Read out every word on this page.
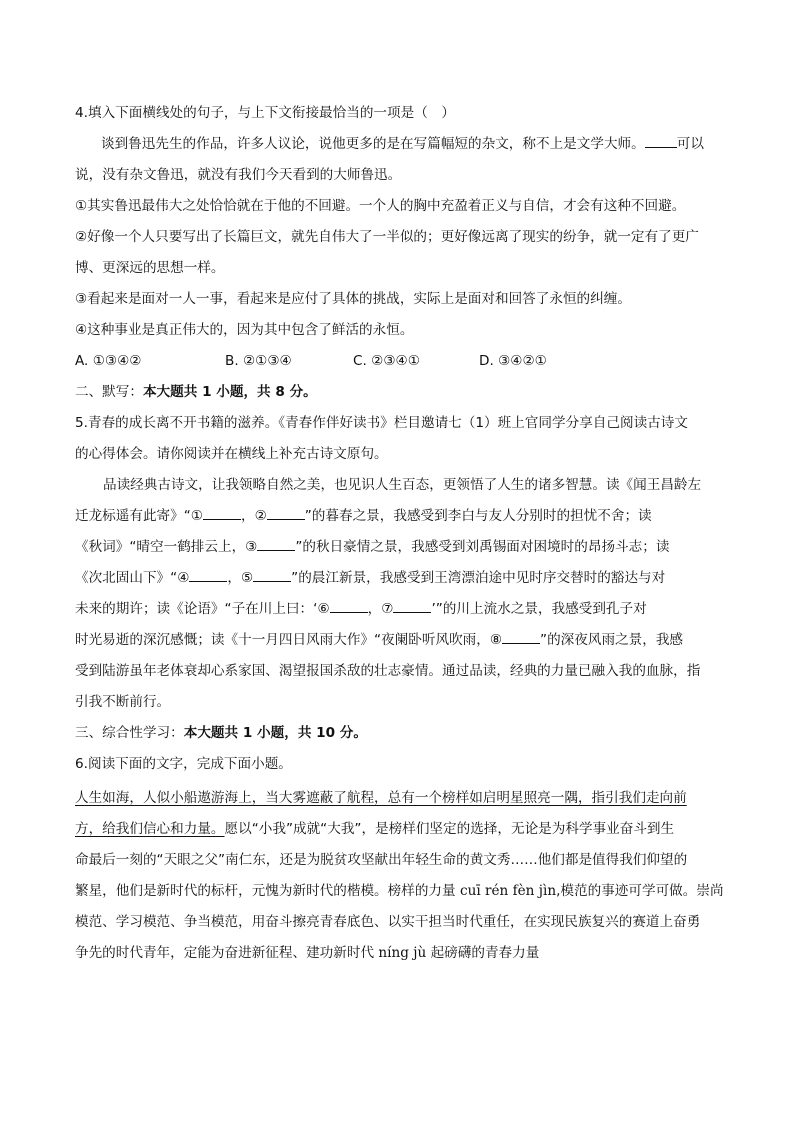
4.填入下面横线处的句子，与上下文衔接最恰当的一项是（　）
谈到鲁迅先生的作品，许多人议论，说他更多的是在写篇幅短的杂文，称不上是文学大师。 可以
说，没有杂文鲁迅，就没有我们今天看到的大师鲁迅。
①其实鲁迅最伟大之处恰恰就在于他的不回避。一个人的胸中充盈着正义与自信，才会有这种不回避。
②好像一个人只要写出了长篇巨文，就先自伟大了一半似的；更好像远离了现实的纷争，就一定有了更广
博、更深远的思想一样。
③看起来是面对一人一事，看起来是应付了具体的挑战，实际上是面对和回答了永恒的纠缠。
④这种事业是真正伟大的，因为其中包含了鲜活的永恒。
A. ①③④②	B. ②①③④	C. ②③④①	D. ③④②①
二、默写：本大题共 1 小题，共 8 分。
5.青春的成长离不开书籍的滋养。《青春作伴好读书》栏目邀请七（1）班上官同学分享自己阅读古诗文
的心得体会。请你阅读并在横线上补充古诗文原句。
品读经典古诗文，让我领略自然之美，也见识人生百态，更领悟了人生的诸多智慧。读《闻王昌龄左
迁龙标遥有此寄》“①	，②	”的暮春之景，我感受到李白与友人分别时的担忧不舍；读
《秋词》“晴空一鹤排云上，③	”的秋日豪情之景，我感受到刘禹锡面对困境时的昂扬斗志；读
《次北固山下》“④	，⑤	”的晨江新景，我感受到王湾漂泊途中见时序交替时的豁达与对
未来的期许；读《论语》“子在川上曰：‘⑥	，⑦	’”的川上流水之景，我感受到孔子对
时光易逝的深沉感慨；读《十一月四日风雨大作》“夜阑卧听风吹雨，⑧	”的深夜风雨之景，我感
受到陆游虽年老体衰却心系家国、渴望报国杀敌的壮志豪情。通过品读，经典的力量已融入我的血脉，指
引我不断前行。
三、综合性学习：本大题共 1 小题，共 10 分。
6.阅读下面的文字，完成下面小题。
人生如海，人似小船遨游海上，当大雾遮蔽了航程，总有一个榜样如启明星照亮一隅，指引我们走向前
方，给我们信心和力量。愿以“小我”成就“大我”，是榜样们坚定的选择，无论是为科学事业奋斗到生
命最后一刻的“天眼之父”南仁东，还是为脱贫攻坚献出年轻生命的黄文秀……他们都是值得我们仰望的
繁星，他们是新时代的标杆，元愧为新时代的楷模。榜样的力量 cuī rén fèn jìn,模范的事迹可学可做。崇尚
模范、学习模范、争当模范，用奋斗擦亮青春底色、以实干担当时代重任，在实现民族复兴的赛道上奋勇
争先的时代青年，定能为奋进新征程、建功新时代 níng jù 起磅礴的青春力量
